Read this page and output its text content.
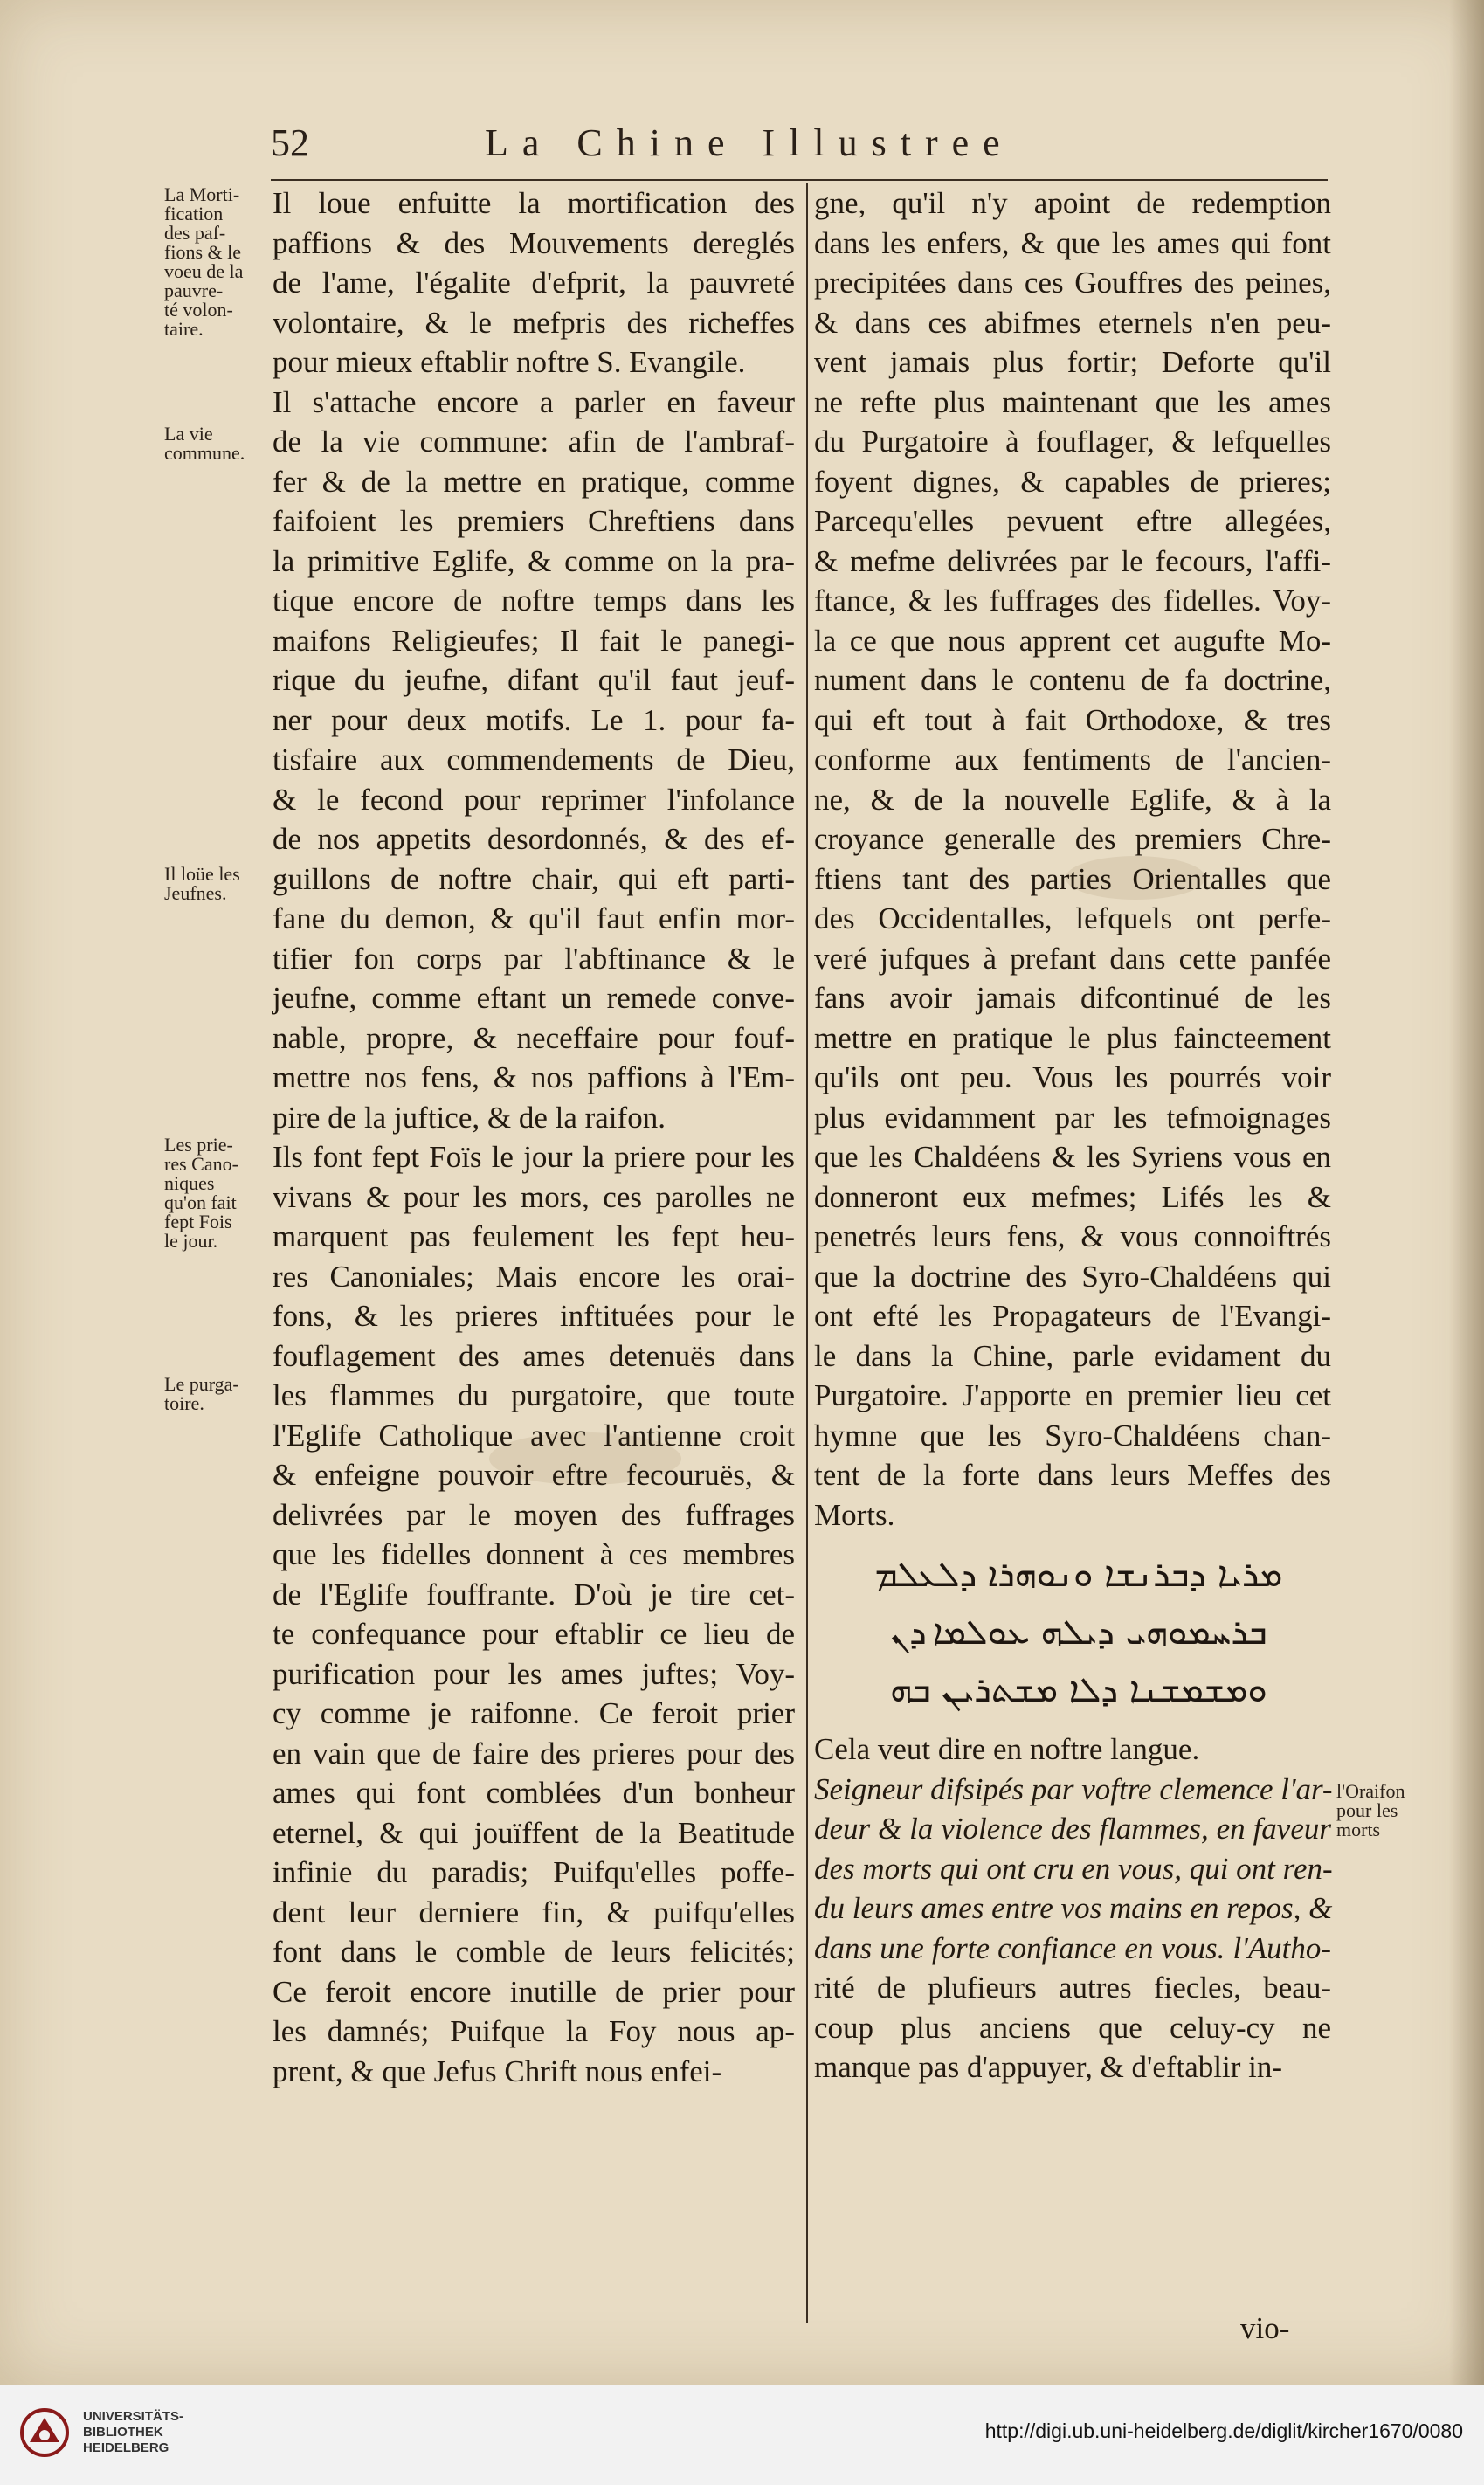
52	La Chine Illustree
La Morti-
fication
des paf-
fions & le
voeu de la
pauvre-
té volon-
taire.
La vie
commune.
Il loüe les
Jeufnes.
Les prie-
res Cano-
niques
qu'on fait
fept Fois
le jour.
Le purga-
toire.
l'Oraifon
pour les
morts
Il loue enfuitte la mortification des
paffions & des Mouvements dereglés
de l'ame, l'égalite d'efprit, la pauvreté
volontaire, & le mefpris des richeffes
pour mieux eftablir noftre S. Evangile.
Il s'attache encore a parler en faveur
de la vie commune: afin de l'ambraf-
fer & de la mettre en pratique, comme
faifoient les premiers Chreftiens dans
la primitive Eglife, & comme on la pra-
tique encore de noftre temps dans les
maifons Religieufes; Il fait le panegi-
rique du jeufne, difant qu'il faut jeuf-
ner pour deux motifs. Le 1. pour fa-
tisfaire aux commendements de Dieu,
& le fecond pour reprimer l'infolance
de nos appetits desordonnés, & des ef-
guillons de noftre chair, qui eft parti-
fane du demon, & qu'il faut enfin mor-
tifier fon corps par l'abftinance & le
jeufne, comme eftant un remede conve-
nable, propre, & neceffaire pour fouf-
mettre nos fens, & nos paffions à l'Em-
pire de la juftice, & de la raifon.
Ils font fept Foïs le jour la priere pour les
vivans & pour les mors, ces parolles ne
marquent pas feulement les fept heu-
res Canoniales; Mais encore les orai-
fons, & les prieres inftituées pour le
fouflagement des ames detenuës dans
les flammes du purgatoire, que toute
l'Eglife Catholique avec l'antienne croit
& enfeigne pouvoir eftre fecouruës, &
delivrées par le moyen des fuffrages
que les fidelles donnent à ces membres
de l'Eglife fouffrante. D'où je tire cet-
te confequance pour eftablir ce lieu de
purification pour les ames juftes; Voy-
cy comme je raifonne. Ce feroit prier
en vain que de faire des prieres pour des
ames qui font comblées d'un bonheur
eternel, & qui jouïffent de la Beatitude
infinie du paradis; Puifqu'elles poffe-
dent leur derniere fin, & puifqu'elles
font dans le comble de leurs felicités;
Ce feroit encore inutille de prier pour
les damnés; Puifque la Foy nous ap-
prent, & que Jefus Chrift nous enfei-
gne, qu'il n'y apoint de redemption
dans les enfers, & que les ames qui font
precipitées dans ces Gouffres des peines,
& dans ces abifmes eternels n'en peu-
vent jamais plus fortir; Deforte qu'il
ne refte plus maintenant que les ames
du Purgatoire à fouflager, & lefquelles
foyent dignes, & capables de prieres;
Parcequ'elles pevuent eftre allegées,
& mefme delivrées par le fecours, l'affi-
ftance, & les fuffrages des fidelles. Voy-
la ce que nous apprent cet augufte Mo-
nument dans le contenu de fa doctrine,
qui eft tout à fait Orthodoxe, & tres
conforme aux fentiments de l'ancien-
ne, & de la nouvelle Eglife, & à la
croyance generalle des premiers Chre-
ftiens tant des parties Orientalles que
des Occidentalles, lefquels ont perfe-
veré jufques à prefant dans cette panfée
fans avoir jamais difcontinué de les
mettre en pratique le plus faincteement
qu'ils ont peu. Vous les pourrés voir
plus evidamment par les tefmoignages
que les Chaldéens & les Syriens vous en
donneront eux mefmes; Lifés les &
penetrés leurs fens, & vous connoiftrés
que la doctrine des Syro-Chaldéens qui
ont efté les Propagateurs de l'Evangi-
le dans la Chine, parle evidament du
Purgatoire. J'apporte en premier lieu cet
hymne que les Syro-Chaldéens chan-
tent de la forte dans leurs Meffes des
Morts.
ܡܪܝܐ ܕܒܪܢܫܐ ܘܢܘܗܪܐ ܕܠܥܠܡ
ܒܪܚܡܘܗܝ ܕܝܠܗ ܥܘܠܡܐ ܕܢ
ܘܡܫܡܫܢܐ ܕܠܐ ܡܫܬܪܝܢ ܒܗ
Cela veut dire en noftre langue.
Seigneur difsipés par voftre clemence l'ar-
deur & la violence des flammes, en faveur
des morts qui ont cru en vous, qui ont ren-
du leurs ames entre vos mains en repos, &
dans une forte confiance en vous. l'Autho-
rité de plufieurs autres fiecles, beau-
coup plus anciens que celuy-cy ne
manque pas d'appuyer, & d'eftablir in-
vio-
UNIVERSITÄTS-
BIBLIOTHEK
HEIDELBERG
http://digi.ub.uni-heidelberg.de/diglit/kircher1670/0080
